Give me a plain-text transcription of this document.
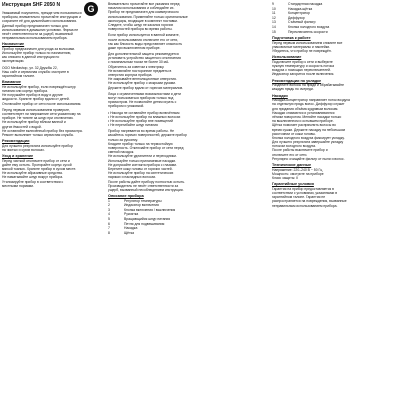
G
Инструкция SHF 2050 N
Уважаемый покупатель, прежде чем пользоваться
прибором, внимательно прочитайте инструкцию и
сохраните её для дальнейшего использования.
Данный прибор предназначен только для
использования в домашних условиях. Фирма не
несёт ответственности за ущерб, вызванный
неправильным использованием прибора.
Назначение
Прибор предназначен для ухода за волосами.
Используйте прибор только по назначению,
как описано в данной инструкции по
эксплуатации.
ООО Mediashop, ул. 32 Дружбы 22,
Наш сайт и сервисная служба: смотрите в
гарантийном талоне.
Внимание
Не используйте прибор, если повреждён шнур
питания или корпус прибора.
Не погружайте прибор в воду и другие
жидкости. Храните прибор вдали от детей.
Отключайте прибор от сети после использования.
Перед первым использованием проверьте,
соответствует ли напряжение сети указанному на
приборе. Не тяните за шнур при отключении.
Не используйте прибор вблизи ванной и
других ёмкостей с водой.
Не оставляйте включённый прибор без присмотра.
Ремонт выполняет только сервисная служба.
Рекомендации
Для лучшего результата используйте прибор
на чистых и сухих волосах.
Уход и хранение
Перед чисткой отключите прибор от сети и
дайте ему остыть. Протирайте корпус сухой
мягкой тканью. Храните прибор в сухом месте.
Не используйте абразивные средства.
Не наматывайте шнур вокруг прибора.
Утилизируйте прибор в соответствии с
местными нормами.
Внимательно прочитайте все указания перед
началом использования и соблюдайте их.
Прибор не предназначен для коммерческого
использования. Применяйте только оригинальные
аксессуары, входящие в комплект поставки.
Следите, чтобы шнур не касался горячих
поверхностей прибора во время работы.
Если прибор используется в ванной комнате,
после использования отключите его от сети,
так как близость воды представляет опасность
даже при выключенном приборе.
Для дополнительной защиты рекомендуется
установить устройство защитного отключения
с номинальным током не более 30 мА.
Обратитесь за советом к электрику.
Не вставляйте посторонние предметы в
отверстия корпуса прибора.
Не закрывайте вентиляционные отверстия.
Не используйте прибор с мокрыми руками.
Держите прибор вдали от горючих материалов.
Лица с ограниченными возможностями и дети
могут пользоваться прибором только под
присмотром. Не позволяйте детям играть с
прибором и упаковкой.
• Никогда не оставляйте прибор включённым
• Не используйте прибор на влажных волосах
• Не используйте прибор вне помещений
• Не перегибайте шнур питания
Прибор нагревается во время работы. Не
касайтесь горячих поверхностей, держите прибор
только за рукоятку.
Кладите прибор только на термостойкую
поверхность. Отключайте прибор от сети перед
сменой насадок.
Не используйте удлинители и переходники.
Используйте только прилагаемые насадки.
Не допускайте контакта прибора с глазами.
Берегите кожу головы от горячих частей.
Не используйте прибор на синтетических
париках и накладных волосах.
После работы дайте прибору полностью остыть.
Производитель не несёт ответственности за
ущерб, вызванный несоблюдением инструкции.
Описание прибора
1	Регулятор температуры
2	Индикатор включения
3	Кнопка включения / выключения
4	Рукоятка
5	Вращающийся шнур питания
6	Петля для подвешивания
7	Насадка
8	Щётка
9	Стандартная насадка
10	Насадка-щётка
11	Концентратор
12	Диффузор
13	Съёмный фильтр
14	Кнопка холодного воздуха
15	Переключатель скорости
Подготовка к работе
Перед первым использованием снимите все
упаковочные материалы и наклейки.
Убедитесь, что прибор не повреждён.
Использование
Подключите прибор к сети и выберите
нужную температуру и скорость потока
воздуха с помощью переключателей.
Индикатор загорится после включения.
Рекомендации по укладке
Разделите волосы на пряди и обрабатывайте
каждую прядь по очереди.
Насадки
Насадка-концентратор направляет поток воздуха
на отдельную прядь волос. Диффузор служит
для придания объёма кудрявым волосам.
Насадки снимаются и устанавливаются
лёгким поворотом. Меняйте насадки только
на выключенном и остывшем приборе.
Щётка помогает распрямлять волосы во
время сушки. Держите насадку на небольшом
расстоянии от кожи головы.
Кнопка холодного воздуха фиксирует укладку.
Для лучшего результата завершайте укладку
потоком холодного воздуха.
После работы выключите прибор и
отключите его от сети.
Регулярно очищайте фильтр от пыли и волос.
Технические данные
Напряжение: 220–240 В ~ 50 Гц
Мощность: смотрите на приборе
Класс защиты: II
Гарантийные условия
Гарантия на прибор предоставляется в
соответствии с условиями, указанными в
гарантийном талоне. Гарантия не
распространяется на повреждения, вызванные
неправильным использованием прибора.
